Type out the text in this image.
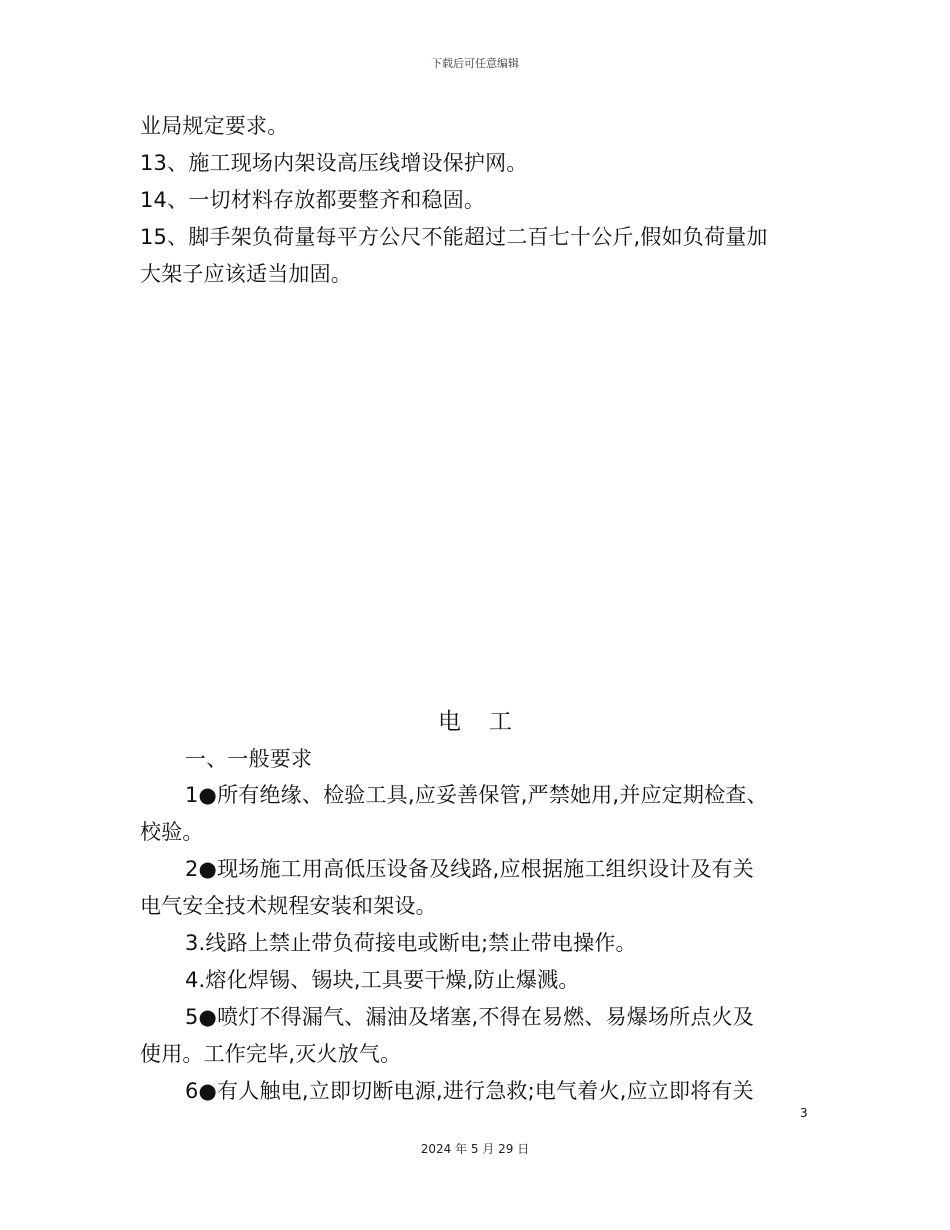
下载后可任意编辑
业局规定要求。
13、施工现场内架设高压线增设保护网。
14、一切材料存放都要整齐和稳固。
15、脚手架负荷量每平方公尺不能超过二百七十公斤,假如负荷量加
大架子应该适当加固。
电工
一、一般要求
1●所有绝缘、检验工具,应妥善保管,严禁她用,并应定期检查、
校验。
2●现场施工用高低压设备及线路,应根据施工组织设计及有关
电气安全技术规程安装和架设。
3.线路上禁止带负荷接电或断电;禁止带电操作。
4.熔化焊锡、锡块,工具要干燥,防止爆溅。
5●喷灯不得漏气、漏油及堵塞,不得在易燃、易爆场所点火及
使用。工作完毕,灭火放气。
6●有人触电,立即切断电源,进行急救;电气着火,应立即将有关
3
2024 年 5 月 29 日
